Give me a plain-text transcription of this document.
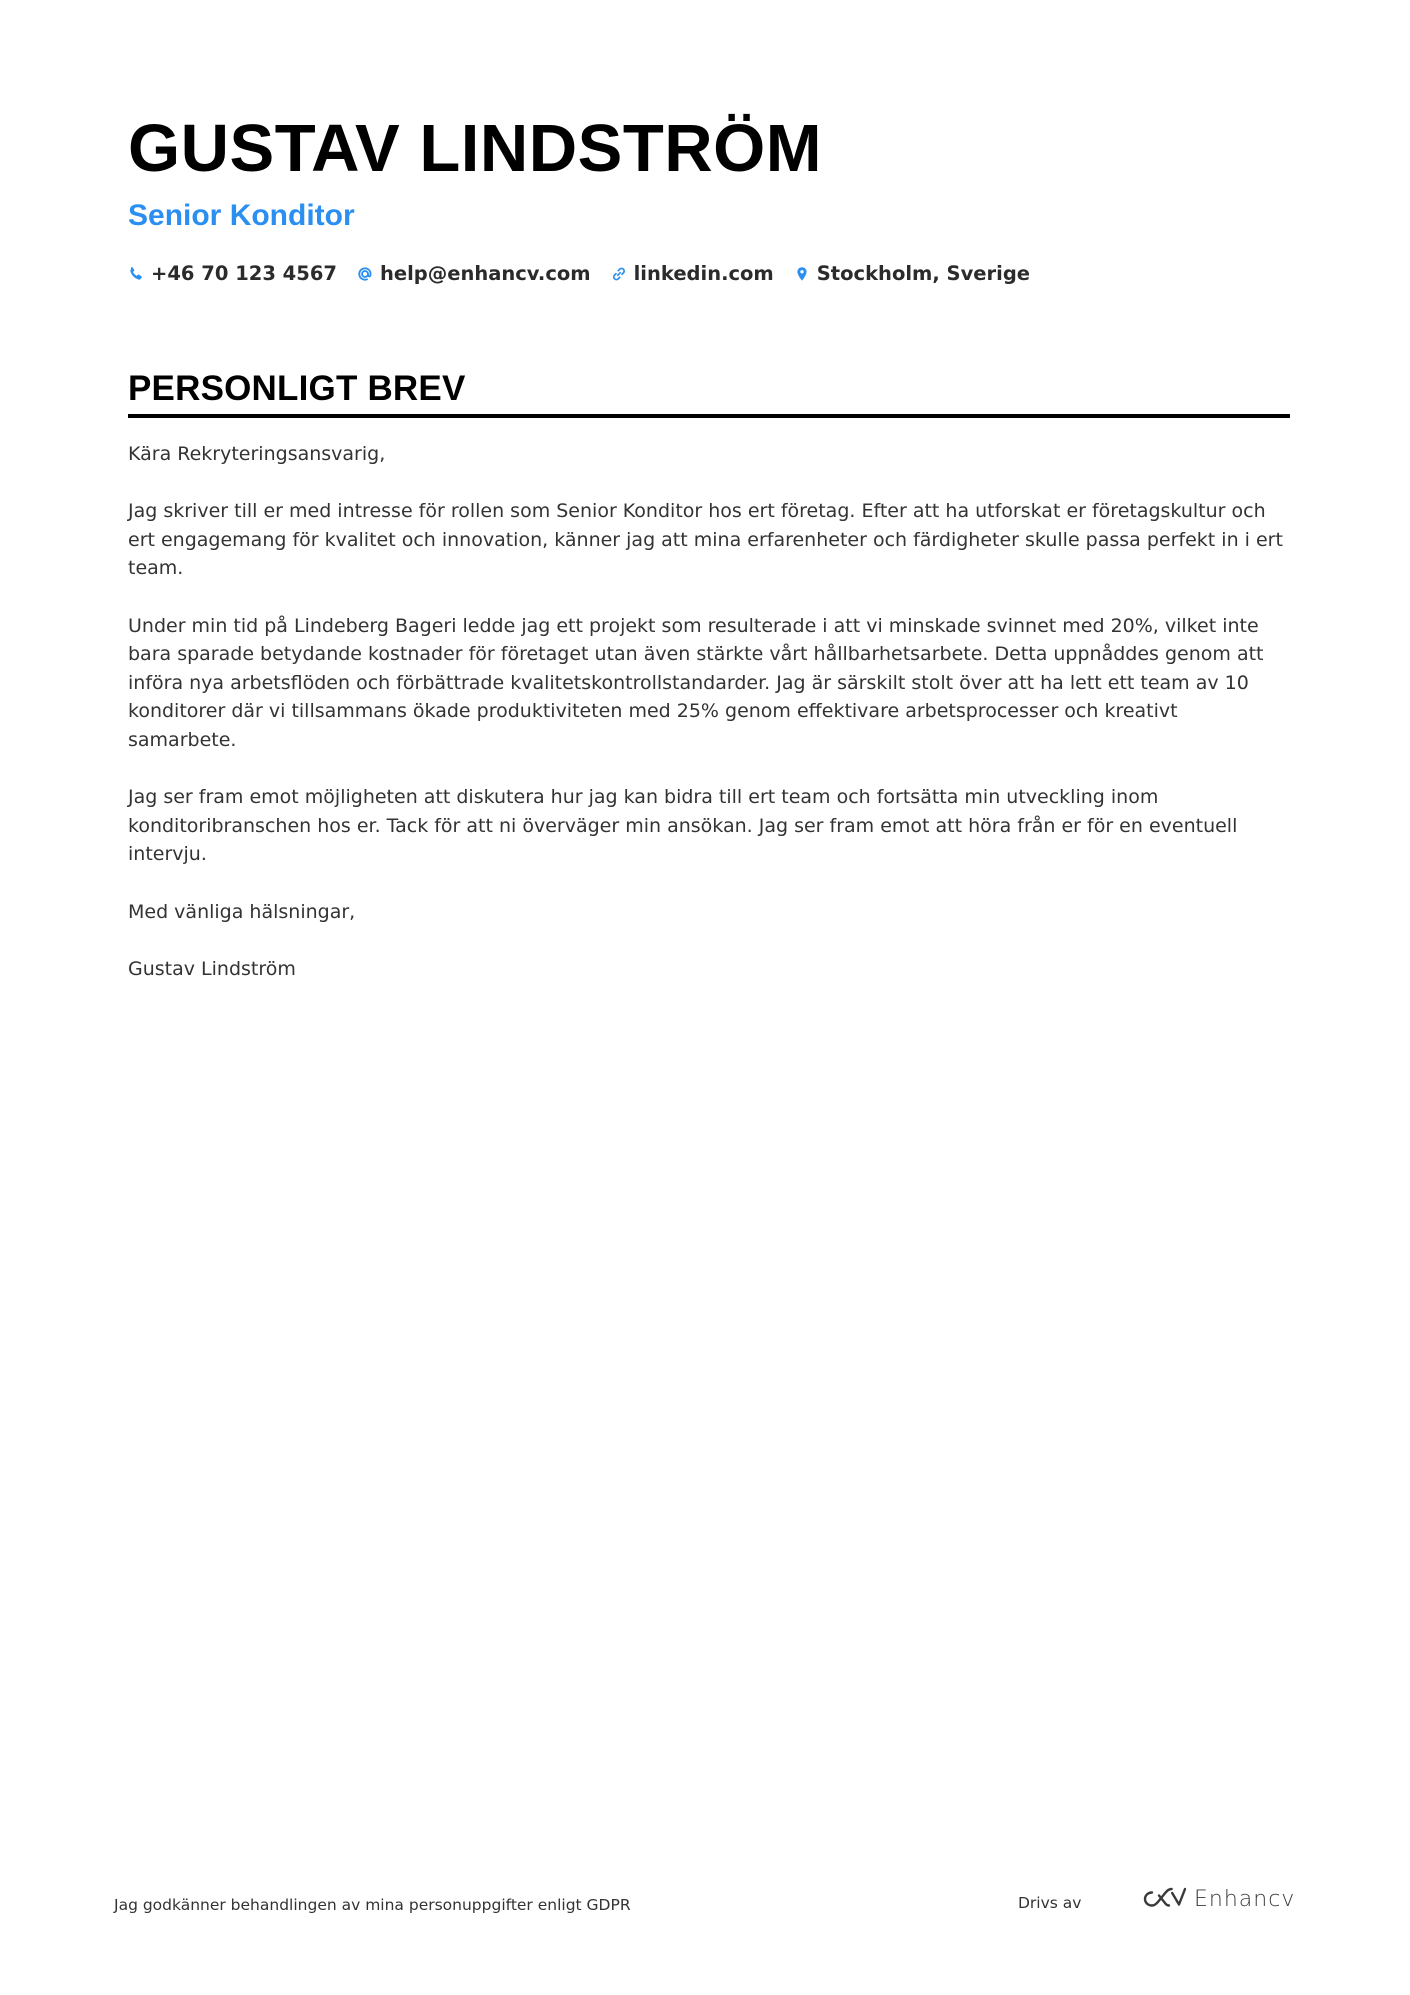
GUSTAV LINDSTRÖM
Senior Konditor
+46 70 123 4567 help@enhancv.com linkedin.com Stockholm, Sverige
PERSONLIGT BREV

Kära Rekryteringsansvarig,

Jag skriver till er med intresse för rollen som Senior Konditor hos ert företag. Efter att ha utforskat er företagskultur och ert engagemang för kvalitet och innovation, känner jag att mina erfarenheter och färdigheter skulle passa perfekt in i ert team.

Under min tid på Lindeberg Bageri ledde jag ett projekt som resulterade i att vi minskade svinnet med 20%, vilket inte bara sparade betydande kostnader för företaget utan även stärkte vårt hållbarhetsarbete. Detta uppnåddes genom att införa nya arbetsflöden och förbättrade kvalitetskontrollstandarder. Jag är särskilt stolt över att ha lett ett team av 10 konditorer där vi tillsammans ökade produktiviteten med 25% genom effektivare arbetsprocesser och kreativt samarbete.

Jag ser fram emot möjligheten att diskutera hur jag kan bidra till ert team och fortsätta min utveckling inom konditoribranschen hos er. Tack för att ni överväger min ansökan. Jag ser fram emot att höra från er för en eventuell intervju.

Med vänliga hälsningar,

Gustav Lindström

Jag godkänner behandlingen av mina personuppgifter enligt GDPR	Drivs av	Enhancv
